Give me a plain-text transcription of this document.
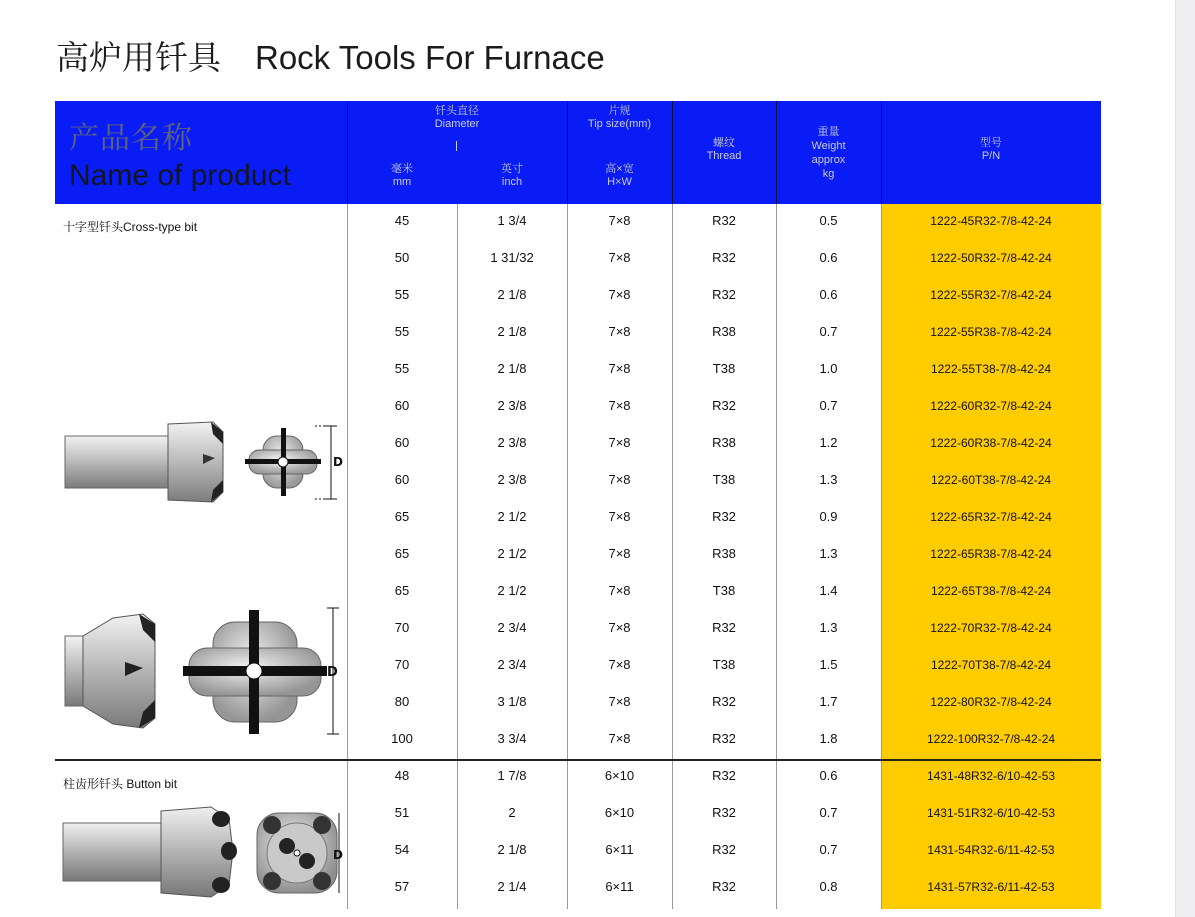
高炉用钎具 Rock Tools For Furnace
产品名称
Name of product
钎头直径
Diameter
毫米
mm
英寸
inch
片规
Tip size(mm)
高×宽
H×W
螺纹
Thread
重量
Weight
approx
kg
型号
P/N
十字型钎头Cross-type bit
柱齿形钎头 Button bit
D
D
D
45	1 3/4	7×8	R32	0.5	1222-45R32-7/8-42-24
50	1 31/32	7×8	R32	0.6	1222-50R32-7/8-42-24
55	2 1/8	7×8	R32	0.6	1222-55R32-7/8-42-24
55	2 1/8	7×8	R38	0.7	1222-55R38-7/8-42-24
55	2 1/8	7×8	T38	1.0	1222-55T38-7/8-42-24
60	2 3/8	7×8	R32	0.7	1222-60R32-7/8-42-24
60	2 3/8	7×8	R38	1.2	1222-60R38-7/8-42-24
60	2 3/8	7×8	T38	1.3	1222-60T38-7/8-42-24
65	2 1/2	7×8	R32	0.9	1222-65R32-7/8-42-24
65	2 1/2	7×8	R38	1.3	1222-65R38-7/8-42-24
65	2 1/2	7×8	T38	1.4	1222-65T38-7/8-42-24
70	2 3/4	7×8	R32	1.3	1222-70R32-7/8-42-24
70	2 3/4	7×8	T38	1.5	1222-70T38-7/8-42-24
80	3 1/8	7×8	R32	1.7	1222-80R32-7/8-42-24
100	3 3/4	7×8	R32	1.8	1222-100R32-7/8-42-24
48	1 7/8	6×10	R32	0.6	1431-48R32-6/10-42-53
51	2	6×10	R32	0.7	1431-51R32-6/10-42-53
54	2 1/8	6×11	R32	0.7	1431-54R32-6/11-42-53
57	2 1/4	6×11	R32	0.8	1431-57R32-6/11-42-53
